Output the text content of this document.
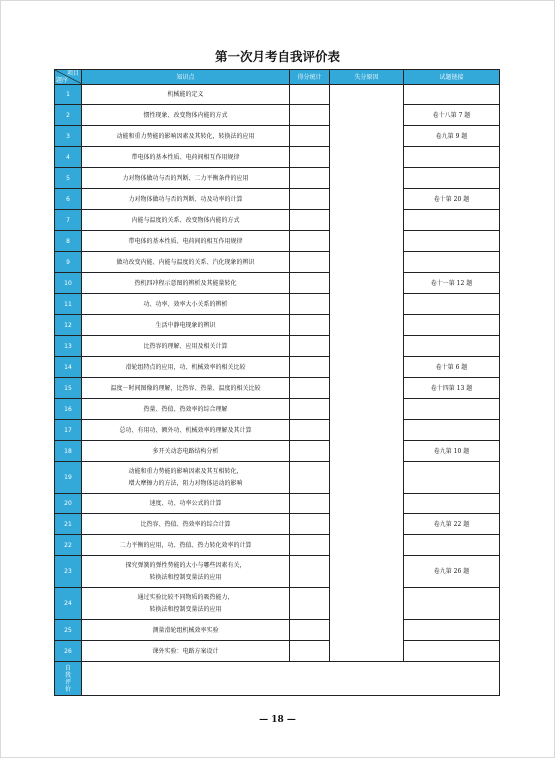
第一次月考自我评价表
项目
题序	知识点	得分统计	失分原因	试题链接
1	机械能的定义			

2	惯性现象、改变物体内能的方式			卷十八第 7 题
3	动能和重力势能的影响因素及其转化，转换法的应用			卷九第 9 题
4	带电体的基本性质、电荷间相互作用规律			

5	力对物体做功与否的判断、二力平衡条件的应用			

6	力对物体做功与否的判断、功及功率的计算			卷十第 20 题
7	内能与温度的关系、改变物体内能的方式			

8	带电体的基本性质、电荷间的相互作用规律			

9	做功改变内能、内能与温度的关系、汽化现象的辨识			

10	热机四冲程示意图的辨析及其能量转化			卷十一第 12 题
11	功、功率、效率大小关系的辨析			

12	生活中静电现象的辨识			

13	比热容的理解、应用及相关计算			

14	滑轮组特点的应用，功、机械效率的相关比较			卷十第 6 题
15	温度－时间图像的理解，比热容、热量、温度的相关比较			卷十四第 13 题
16	热量、热值、热效率的综合理解			

17	总功、有用功、额外功、机械效率的理解及其计算			

18	多开关动态电路结构分析			卷九第 10 题
19	动能和重力势能的影响因素及其互相转化，
增大摩擦力的方法，阻力对物体运动的影响			

20	速度、功、功率公式的计算			

21	比热容、热值、热效率的综合计算			卷九第 22 题
22	二力平衡的应用，功、热值、热力转化效率的计算			

23	探究弹簧的弹性势能的大小与哪些因素有关，
转换法和控制变量法的应用			卷九第 26 题
24	通过实验比较不同物质的吸热能力，
转换法和控制变量法的应用			

25	测量滑轮组机械效率实验			

26	课外实验：电路方案设计			

自
我
评
价				

— 18 —
